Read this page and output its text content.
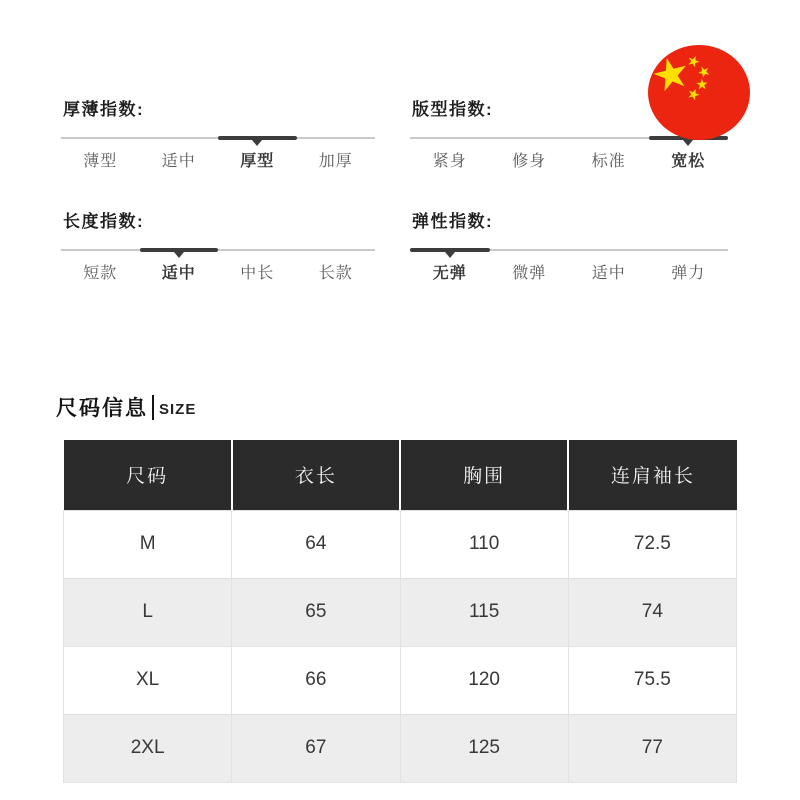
厚薄指数:
薄型	适中	厚型	加厚
版型指数:
紧身	修身	标准	宽松
长度指数:
短款	适中	中长	长款
弹性指数:
无弹	微弹	适中	弹力
尺码信息 SIZE
尺码	衣长	胸围	连肩袖长
M	64	110	72.5
L	65	115	74
XL	66	120	75.5
2XL	67	125	77
